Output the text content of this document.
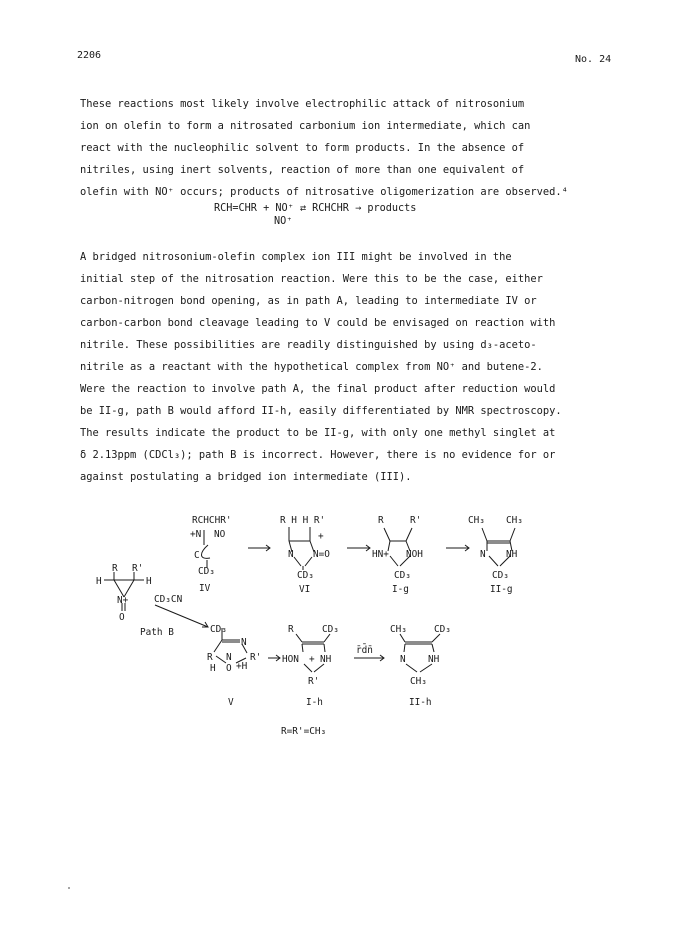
2206	No. 24

These reactions most likely involve electrophilic attack of nitrosonium
ion on olefin to form a nitrosated carbonium ion intermediate, which can
react with the nucleophilic solvent to form products. In the absence of
nitriles, using inert solvents, reaction of more than one equivalent of
olefin with NO⁺ occurs; products of nitrosative oligomerization are observed.⁴

RCH=CHR + NO⁺ ⇄ RCHCHR → products
NO⁺

A bridged nitrosonium-olefin complex ion III might be involved in the
initial step of the nitrosation reaction. Were this to be the case, either
carbon-nitrogen bond opening, as in path A, leading to intermediate IV or
carbon-carbon bond cleavage leading to V could be envisaged on reaction with
nitrile. These possibilities are readily distinguished by using d₃-aceto-
nitrile as a reactant with the hypothetical complex from NO⁺ and butene-2.
Were the reaction to involve path A, the final product after reduction would
be II-g, path B would afford II-h, easily differentiated by NMR spectroscopy.
The results indicate the product to be II-g, with only one methyl singlet at
δ 2.13ppm (CDCl₃); path B is incorrect. However, there is no evidence for or
against postulating a bridged ion intermediate (III).

RCHCHR'
+N NO
C
CD₃
IV
R H H R'
+
N N=O
CD₃
VI
R	R'
HN+ NOH
CD₃
I-g
CH₃ CH₃
N NH
CD₃
II-g
R R'
H	H
N+
O
CD₃CN
Path B	CD₃
N
R N R'
H O +H
V
R	CD₃
HON + NH
R'
I-h
r̄d̄n̄
CH₃	CD₃
N NH
CH₃
II-h
R=R'=CH₃
